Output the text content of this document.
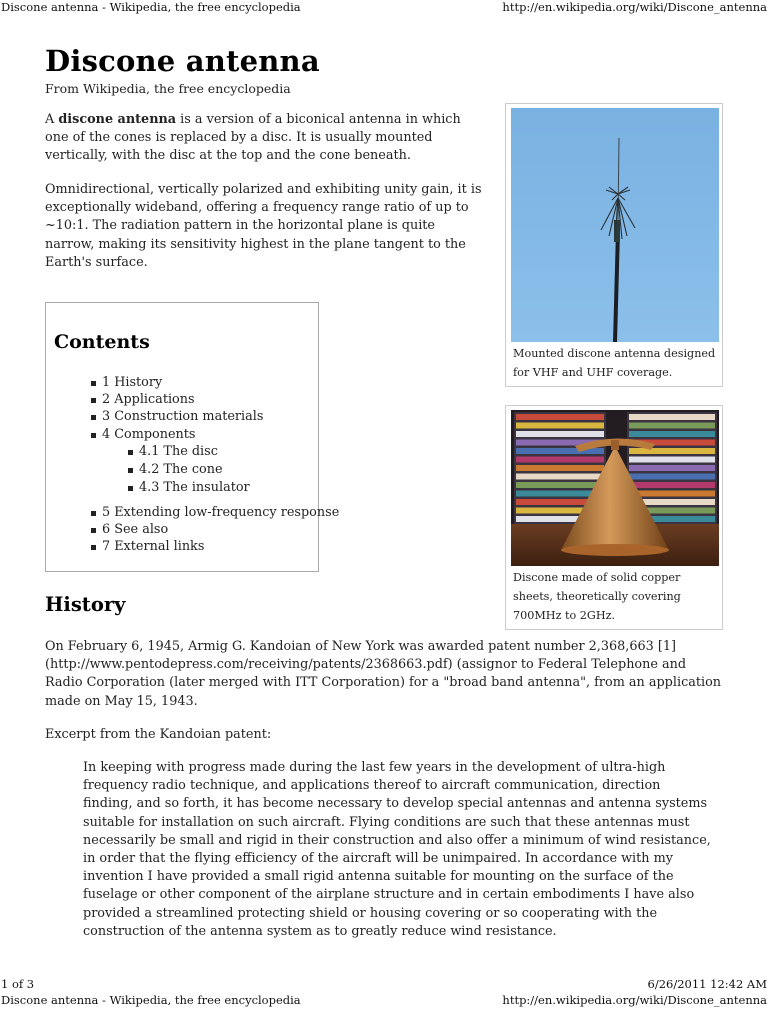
Discone antenna - Wikipedia, the free encyclopedia	http://en.wikipedia.org/wiki/Discone_antenna
Discone antenna
From Wikipedia, the free encyclopedia

A discone antenna is a version of a biconical antenna in which one of the cones is replaced by a disc. It is usually mounted vertically, with the disc at the top and the cone beneath.

Omnidirectional, vertically polarized and exhibiting unity gain, it is exceptionally wideband, offering a frequency range ratio of up to ~10:1. The radiation pattern in the horizontal plane is quite narrow, making its sensitivity highest in the plane tangent to the Earth's surface.

Contents
1 History
2 Applications
3 Construction materials
4 Components
4.1 The disc
4.2 The cone
4.3 The insulator
5 Extending low-frequency response
6 See also
7 External links
History

On February 6, 1945, Armig G. Kandoian of New York was awarded patent number 2,368,663 [1] (http://www.pentodepress.com/receiving/patents/2368663.pdf) (assignor to Federal Telephone and Radio Corporation (later merged with ITT Corporation) for a "broad band antenna", from an application made on May 15, 1943.

Excerpt from the Kandoian patent:

In keeping with progress made during the last few years in the development of ultra-high frequency radio technique, and applications thereof to aircraft communication, direction finding, and so forth, it has become necessary to develop special antennas and antenna systems suitable for installation on such aircraft. Flying conditions are such that these antennas must necessarily be small and rigid in their construction and also offer a minimum of wind resistance, in order that the flying efficiency of the aircraft will be unimpaired. In accordance with my invention I have provided a small rigid antenna suitable for mounting on the surface of the fuselage or other component of the airplane structure and in certain embodiments I have also provided a streamlined protecting shield or housing covering or so cooperating with the construction of the antenna system as to greatly reduce wind resistance.
Mounted discone antenna designed for VHF and UHF coverage.
Discone made of solid copper sheets, theoretically covering 700MHz to 2GHz.
1 of 3	6/26/2011 12:42 AM
Discone antenna - Wikipedia, the free encyclopedia	http://en.wikipedia.org/wiki/Discone_antenna
